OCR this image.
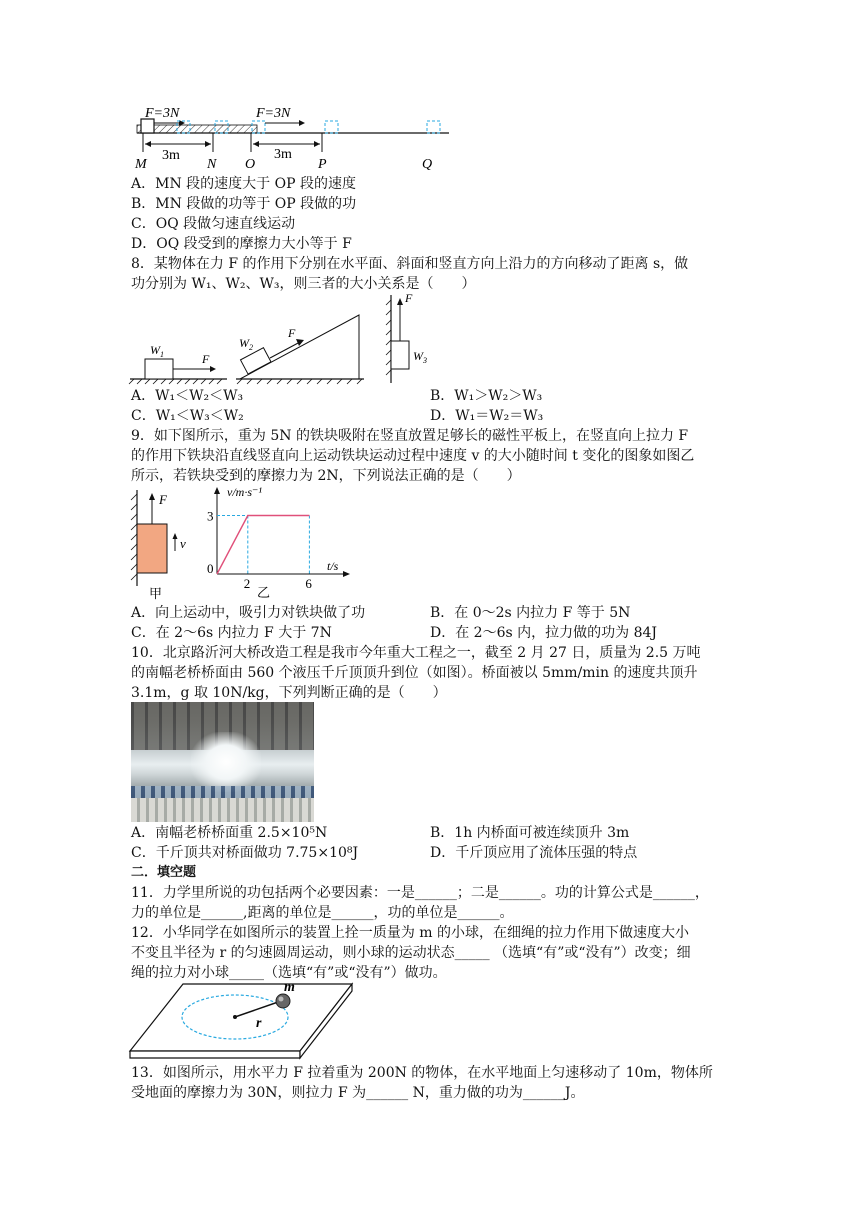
F=3N	F=3N
3m	3m
M	N O	P	Q
A．MN 段的速度大于 OP 段的速度
B．MN 段做的功等于 OP 段做的功
C．OQ 段做匀速直线运动
D．OQ 段受到的摩擦力大小等于 F
8．某物体在力 F 的作用下分别在水平面、斜面和竖直方向上沿力的方向移动了距离 s，做
功分别为 W₁、W₂、W₃，则三者的大小关系是（　　）
$W_1$	F
$W_2$
F
F
$W_3$
A．W₁＜W₂＜W₃	B．W₁＞W₂＞W₃
C．W₁＜W₃＜W₂	D．W₁＝W₂＝W₃
9．如下图所示，重为 5N 的铁块吸附在竖直放置足够长的磁性平板上，在竖直向上拉力 F
的作用下铁块沿直线竖直向上运动铁块运动过程中速度 v 的大小随时间 t 变化的图象如图乙
所示，若铁块受到的摩擦力为 2N，下列说法正确的是（　　）
F
v
甲
v/m·s⁻¹
t/s
乙
0
2	6
3
A．向上运动中，吸引力对铁块做了功	B．在 0～2s 内拉力 F 等于 5N
C．在 2～6s 内拉力 F 大于 7N	D．在 2～6s 内，拉力做的功为 84J
10．北京路沂河大桥改造工程是我市今年重大工程之一，截至 2 月 27 日，质量为 2.5 万吨
的南幅老桥桥面由 560 个液压千斤顶顶升到位（如图）。桥面被以 5mm/min 的速度共顶升
3.1m，g 取 10N/kg，下列判断正确的是（　　）
A．南幅老桥桥面重 2.5×10⁵N	B．1h 内桥面可被连续顶升 3m
C．千斤顶共对桥面做功 7.75×10⁸J	D．千斤顶应用了流体压强的特点
二．填空题
11．力学里所说的功包括两个必要因素：一是______；二是______。功的计算公式是______，
力的单位是______,距离的单位是______，功的单位是______。
12．小华同学在如图所示的装置上拴一质量为 m 的小球，在细绳的拉力作用下做速度大小
不变且半径为 r 的匀速圆周运动，则小球的运动状态_____ （选填“有”或“没有”）改变；细
绳的拉力对小球_____（选填“有”或“没有”）做功。
m
r
13．如图所示，用水平力 F 拉着重为 200N 的物体，在水平地面上匀速移动了 10m，物体所
受地面的摩擦力为 30N，则拉力 F 为______ N，重力做的功为______J。
